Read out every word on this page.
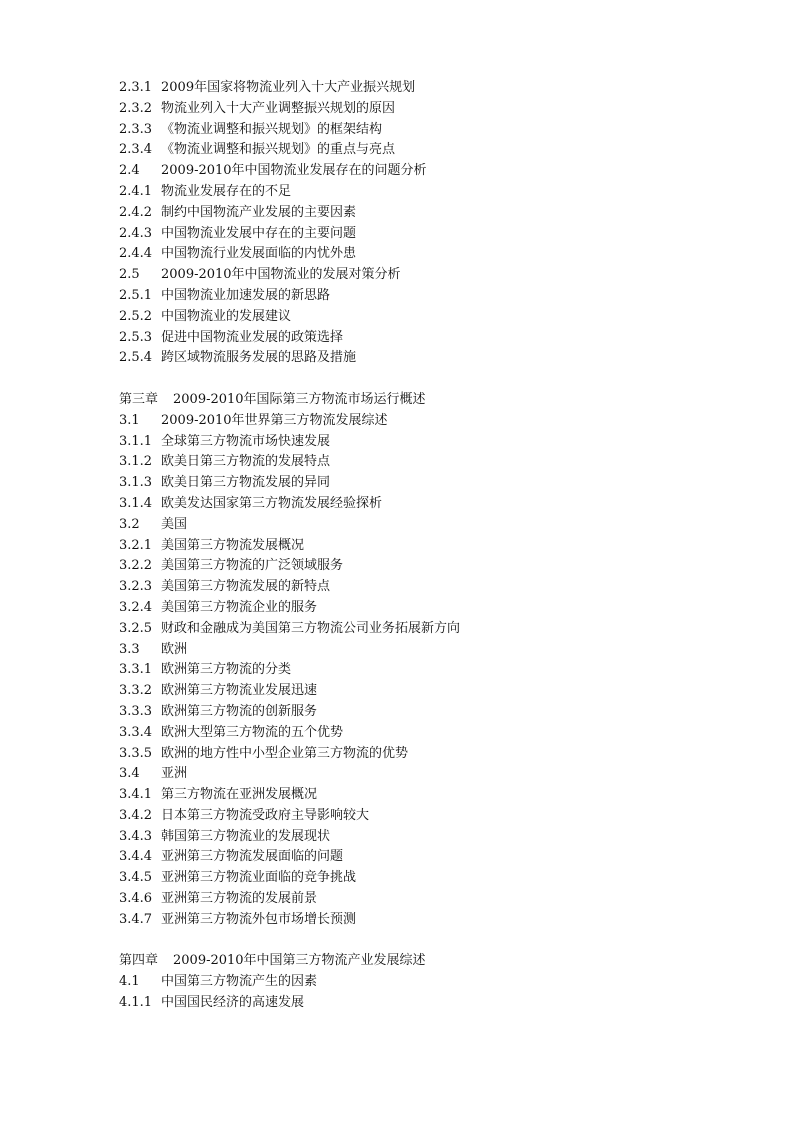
2.3.1 2009年国家将物流业列入十大产业振兴规划
2.3.2 物流业列入十大产业调整振兴规划的原因
2.3.3 《物流业调整和振兴规划》的框架结构
2.3.4 《物流业调整和振兴规划》的重点与亮点
2.4	2009-2010年中国物流业发展存在的问题分析
2.4.1 物流业发展存在的不足
2.4.2 制约中国物流产业发展的主要因素
2.4.3 中国物流业发展中存在的主要问题
2.4.4 中国物流行业发展面临的内忧外患
2.5	2009-2010年中国物流业的发展对策分析
2.5.1 中国物流业加速发展的新思路
2.5.2 中国物流业的发展建议
2.5.3 促进中国物流业发展的政策选择
2.5.4 跨区域物流服务发展的思路及措施
第三章	2009-2010年国际第三方物流市场运行概述
3.1	2009-2010年世界第三方物流发展综述
3.1.1 全球第三方物流市场快速发展
3.1.2 欧美日第三方物流的发展特点
3.1.3 欧美日第三方物流发展的异同
3.1.4 欧美发达国家第三方物流发展经验探析
3.2	美国
3.2.1 美国第三方物流发展概况
3.2.2 美国第三方物流的广泛领域服务
3.2.3 美国第三方物流发展的新特点
3.2.4 美国第三方物流企业的服务
3.2.5 财政和金融成为美国第三方物流公司业务拓展新方向
3.3	欧洲
3.3.1 欧洲第三方物流的分类
3.3.2 欧洲第三方物流业发展迅速
3.3.3 欧洲第三方物流的创新服务
3.3.4 欧洲大型第三方物流的五个优势
3.3.5 欧洲的地方性中小型企业第三方物流的优势
3.4	亚洲
3.4.1 第三方物流在亚洲发展概况
3.4.2 日本第三方物流受政府主导影响较大
3.4.3 韩国第三方物流业的发展现状
3.4.4 亚洲第三方物流发展面临的问题
3.4.5 亚洲第三方物流业面临的竞争挑战
3.4.6 亚洲第三方物流的发展前景
3.4.7 亚洲第三方物流外包市场增长预测
第四章	2009-2010年中国第三方物流产业发展综述
4.1	中国第三方物流产生的因素
4.1.1 中国国民经济的高速发展
